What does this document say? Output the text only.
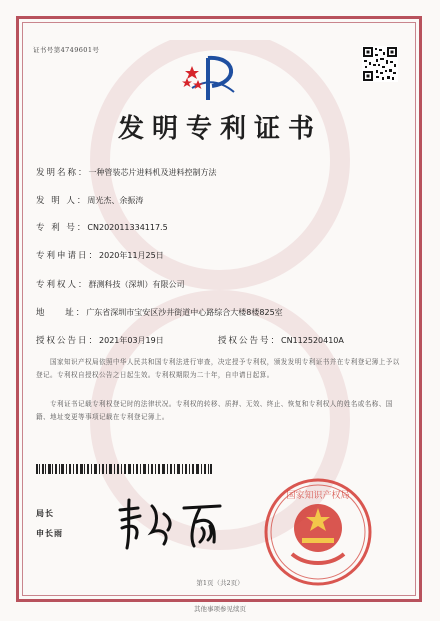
证书号第4749601号
发明专利证书
发明名称：一种管装芯片进料机及进料控制方法
发 明 人：周光杰、余振涛
专 利 号：CN202011334117.5
专利申请日：2020年11月25日
专利权人：群测科技（深圳）有限公司
地    址：广东省深圳市宝安区沙井街道中心路综合大楼8楼825室
授权公告日：2021年03月19日	授权公告号：CN112520410A
国家知识产权局依照中华人民共和国专利法进行审查，决定授予专利权，颁发发明专利证书并在专利登记簿上予以登记。专利权自授权公告之日起生效。专利权期限为二十年，自申请日起算。
专利证书记载专利权登记时的法律状况。专利权的转移、质押、无效、终止、恢复和专利权人的姓名或名称、国籍、地址变更等事项记载在专利登记簿上。
局长
申长雨
国家知识产权局
第1页（共2页）
其他事项参见续页
